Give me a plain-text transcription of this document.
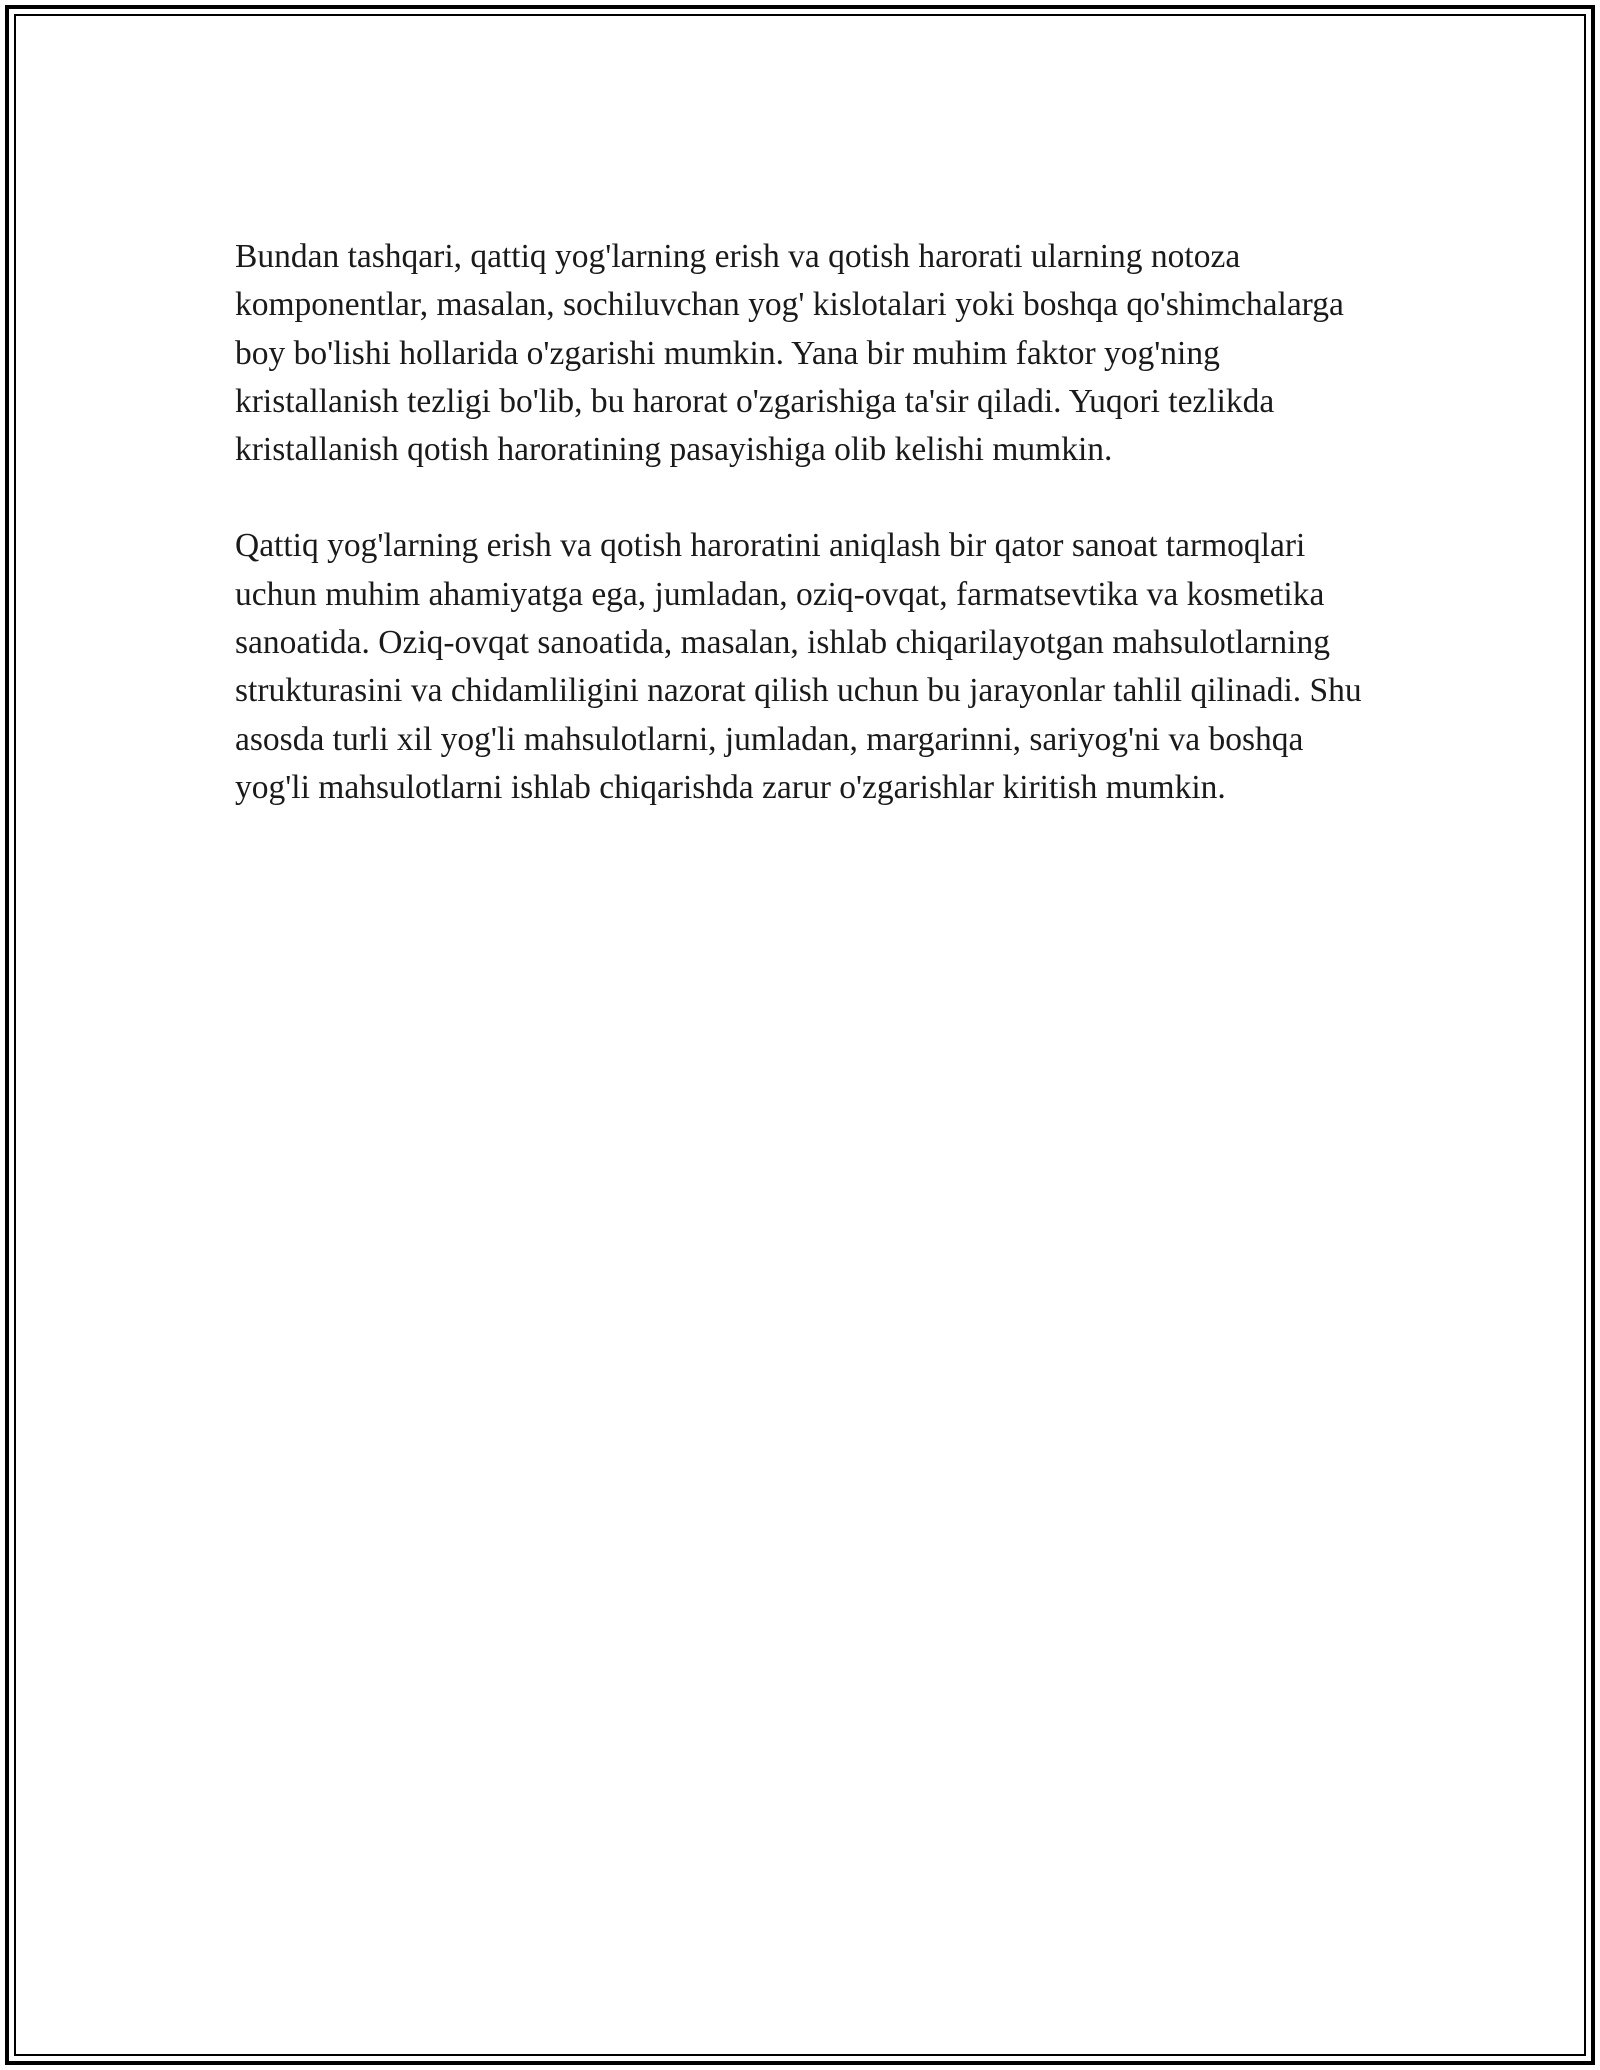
Bundan tashqari, qattiq yog'larning erish va qotish harorati ularning notoza komponentlar, masalan, sochiluvchan yog' kislotalari yoki boshqa qo'shimchalarga boy bo'lishi hollarida o'zgarishi mumkin. Yana bir muhim faktor yog'ning kristallanish tezligi bo'lib, bu harorat o'zgarishiga ta'sir qiladi. Yuqori tezlikda kristallanish qotish haroratining pasayishiga olib kelishi mumkin.

Qattiq yog'larning erish va qotish haroratini aniqlash bir qator sanoat tarmoqlari uchun muhim ahamiyatga ega, jumladan, oziq-ovqat, farmatsevtika va kosmetika sanoatida. Oziq-ovqat sanoatida, masalan, ishlab chiqarilayotgan mahsulotlarning strukturasini va chidamliligini nazorat qilish uchun bu jarayonlar tahlil qilinadi. Shu asosda turli xil yog'li mahsulotlarni, jumladan, margarinni, sariyog'ni va boshqa yog'li mahsulotlarni ishlab chiqarishda zarur o'zgarishlar kiritish mumkin.
